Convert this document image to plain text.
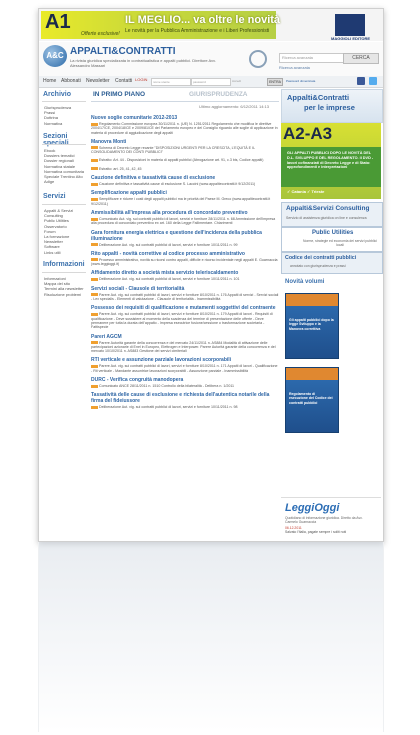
A1	IL MEGLIO... va oltre le novità
Le novità per la Pubblica Amministrazione e i Liberi Professionisti
Offerte esclusive!
MAGGIOLI EDITORE
A&C APPALTI&CONTRATTI
La rivista giuridica specializzata in contrattualistica e appalti pubblici. Direttore Avv. Alessandro Massari
Ricerca avanzata	CERCA
Ricerca avanzata
Home Abbonati Newsletter Contatti LOGIN	nome utente	password	Accedi	ENTRA	Password dimenticata
Archivio
Giurisprudenza
Prassi
Dottrina
Normativa
Sezioni speciali
Ebook
Dossiers tematici
Dossier regionali
Normativa statale
Normativa comunitaria
Speciale Trentino Alto Adige
Servizi
Appalti & Servizi Consulting
Public Utilities
Osservatorio
Forum
La formazione
Newsletter
Software
Links utili
Informazioni
Informazioni
Mappa del sito
Termini alla newsletter
Risoluzione problemi
IN PRIMO PIANO	GIURISPRUDENZA
Ultimo aggiornamento: 6/12/2011 14:13
Nuove soglie comunitarie 2012-2013
Regolamento Commissione europea 30/11/2011 n. (UE) N. 1251/2011 Regolamento che modifica le direttive 2004/17/CE, 2004/18/CE e 2009/81/CE del Parlamento europeo e del Consiglio riguardo alle soglie di applicazione in materia di procedure di aggiudicazione degli appalti
Manovra Monti
Schema di Decreto Legge recante "DISPOSIZIONI URGENTI PER LA CRESCITA, L'EQUITÀ E IL CONSOLIDAMENTO DEI CONTI PUBBLICI"
Estratto: Art. 44 - Disposizioni in materia di appalti pubblici (Abrogazione art. 91, c.3 bis, Codice appalti)
Estratto: art. 25, 41, 42, 45
Cauzione definitiva e tassatività cause di esclusione
Cauzione definitiva e tassatività cause di esclusione S. Laccini (www.appaltiecontratti.it 9/12/2011)
Semplificazione appalti pubblici
Semplificare e ridurre i costi degli appalti pubblici ma le priorità del Paese M. Greco (www.appaltiecontratti.it 9/12/2011)
Ammissibilità all'impresa alla procedura di concordato preventivo
Comunicato Aut. vig. sui contratti pubblici di lavori, servizi e forniture 28/11/2011 n. 68 Ammissione dell'impresa alla procedura di concordato preventivo ex art. 160 della Legge Fallimentare. Chiarimenti
Gara fornitura energia elettrica e questione dell'incidenza della pubblica illuminazione
Deliberazione Aut. vig. sui contratti pubblici di lavori, servizi e forniture 10/11/2011 n. 99
Rito appalti - novità correttive al codice processo amministrativo
Processo amministrativo, novità su ricorsi contro appalti, difficile e ricorso incidentale negli appalti E. Guarnaccia (www.leggioggi.it)
Affidamento diretto a società mista servizio teleriscaldamento
Deliberazione Aut. vig. sui contratti pubblici di lavori, servizi e forniture 10/11/2011 n. 101
Servizi sociali - Clausole di territorialità
Parere Aut. vig. sui contratti pubblici di lavori, servizi e forniture 8/10/2011 n. 176 Appalti di servizi - Servizi sociali - Lex specialis - Elementi di valutazione - Clausole di territorialità - Inammissibilità
Possesso dei requisiti di qualificazione e mutamenti soggettivi del contraente
Parere Aut. vig. sui contratti pubblici di lavori, servizi e forniture 8/10/2011 n. 179 Appalti di lavori - Requisiti di qualificazione - Deve sussistere al momento della scadenza del termine di presentazione delle offerte - Deve permanere per tutta la durata dell'appalto - Impresa esecutrice fusione/cessione o trasformazione societaria - Fattispecie
Pareri AGCM
Parere Autorità garante della concorrenza e del mercato 24/11/2011 n. AS884 Modalità di attivazione delle partecipazioni azionarie di Enel in Europeo, Elettrogen e Interpower. Parere Autorità garante della concorrenza e del mercato 10/10/2011 n. AS883 Gestione dei servizi cimiteriali
RTI verticale e assunzione parziale lavorazioni scorporabili
Parere Aut. vig. sui contratti pubblici di lavori, servizi e forniture 8/10/2011 n. 171 Appalti di lavori - Qualificazione - Rti verticale - Mandante assuntrice lavorazioni scorporabili - Assunzione parziale - Inammissibilità
DURC - Verifica congruità manodopera
Comunicato ANCE 28/11/2011 n. 1510 Controllo della bilateralità - Delibera n. 1/2011
Tassatività delle cause di esclusione e richiesta dell'autentica notarile della firma del fideiussore
Deliberazione Aut. vig. sui contratti pubblici di lavori, servizi e forniture 10/11/2011 n. 98
Appalti&Contratti
per le imprese
A2-A3
GLI APPALTI PUBBLICI DOPO LE NOVITÀ DEL D.L. SVILUPPO E DEL REGOLAMENTO. Il DVD - lavori cofinanziati di Decreto Legge e di Stato: approfondimenti e interpretazioni
✓ Catania ✓ Trieste
Appalti&Servizi Consulting
Servizio di assistenza giuridica on line e consulenza
Public Utilities
Norme, strategie ed economia dei servizi pubblici locali
Codice dei contratti pubblici
annotato con giurisprudenza e prassi
Novità volumi
Gli appalti pubblici dopo la legge Sviluppo e la Manovra correttiva
Regolamento di esecuzione del Codice dei contratti pubblici
LeggiOggi
Quotidiano di informazione giuridica. Diretto da Avv. Carmelo Guarnaccia
06.12.2011
Salvato l'Italia, pagate sempre i soliti noti
